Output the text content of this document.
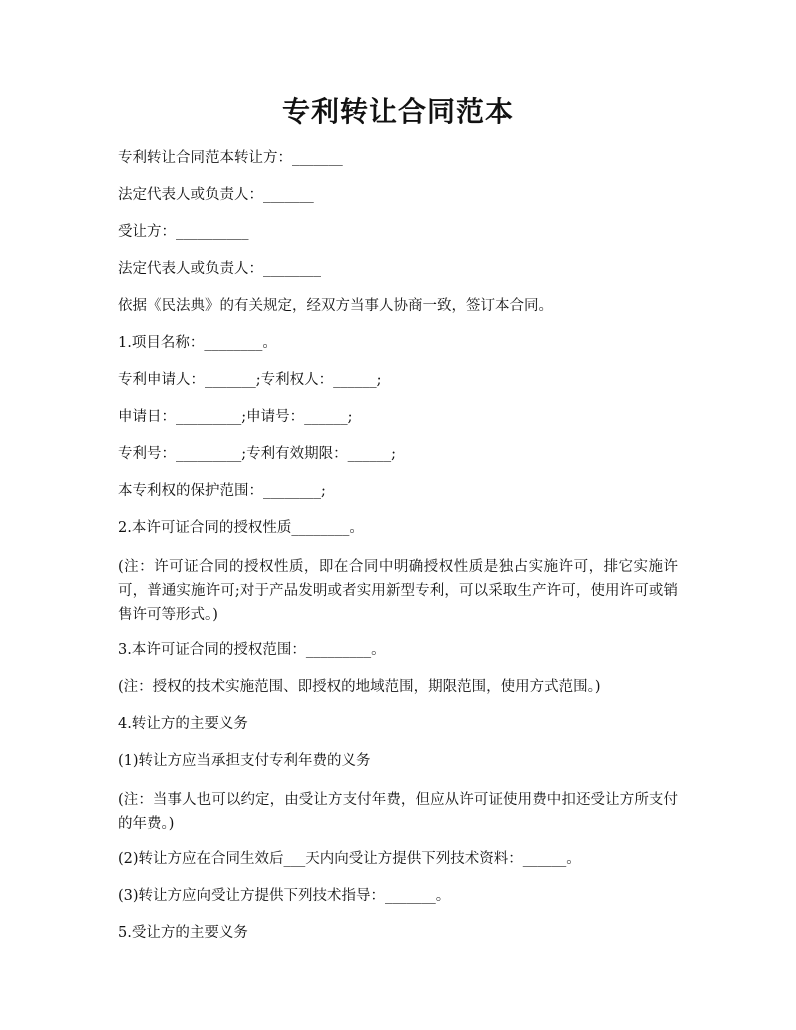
专利转让合同范本

专利转让合同范本转让方：_______

法定代表人或负责人：_______

受让方：__________

法定代表人或负责人：________

依据《民法典》的有关规定，经双方当事人协商一致，签订本合同。

1.项目名称：________。

专利申请人：_______;专利权人：______;

申请日：_________;申请号：______;

专利号：_________;专利有效期限：______;

本专利权的保护范围：________;

2.本许可证合同的授权性质________。

(注：许可证合同的授权性质，即在合同中明确授权性质是独占实施许可，排它实施许可，普通实施许可;对于产品发明或者实用新型专利，可以采取生产许可，使用许可或销售许可等形式。)

3.本许可证合同的授权范围：_________。

(注：授权的技术实施范围、即授权的地域范围，期限范围，使用方式范围。)

4.转让方的主要义务

(1)转让方应当承担支付专利年费的义务

(注：当事人也可以约定，由受让方支付年费，但应从许可证使用费中扣还受让方所支付的年费。)

(2)转让方应在合同生效后___天内向受让方提供下列技术资料：______。

(3)转让方应向受让方提供下列技术指导：_______。

5.受让方的主要义务
